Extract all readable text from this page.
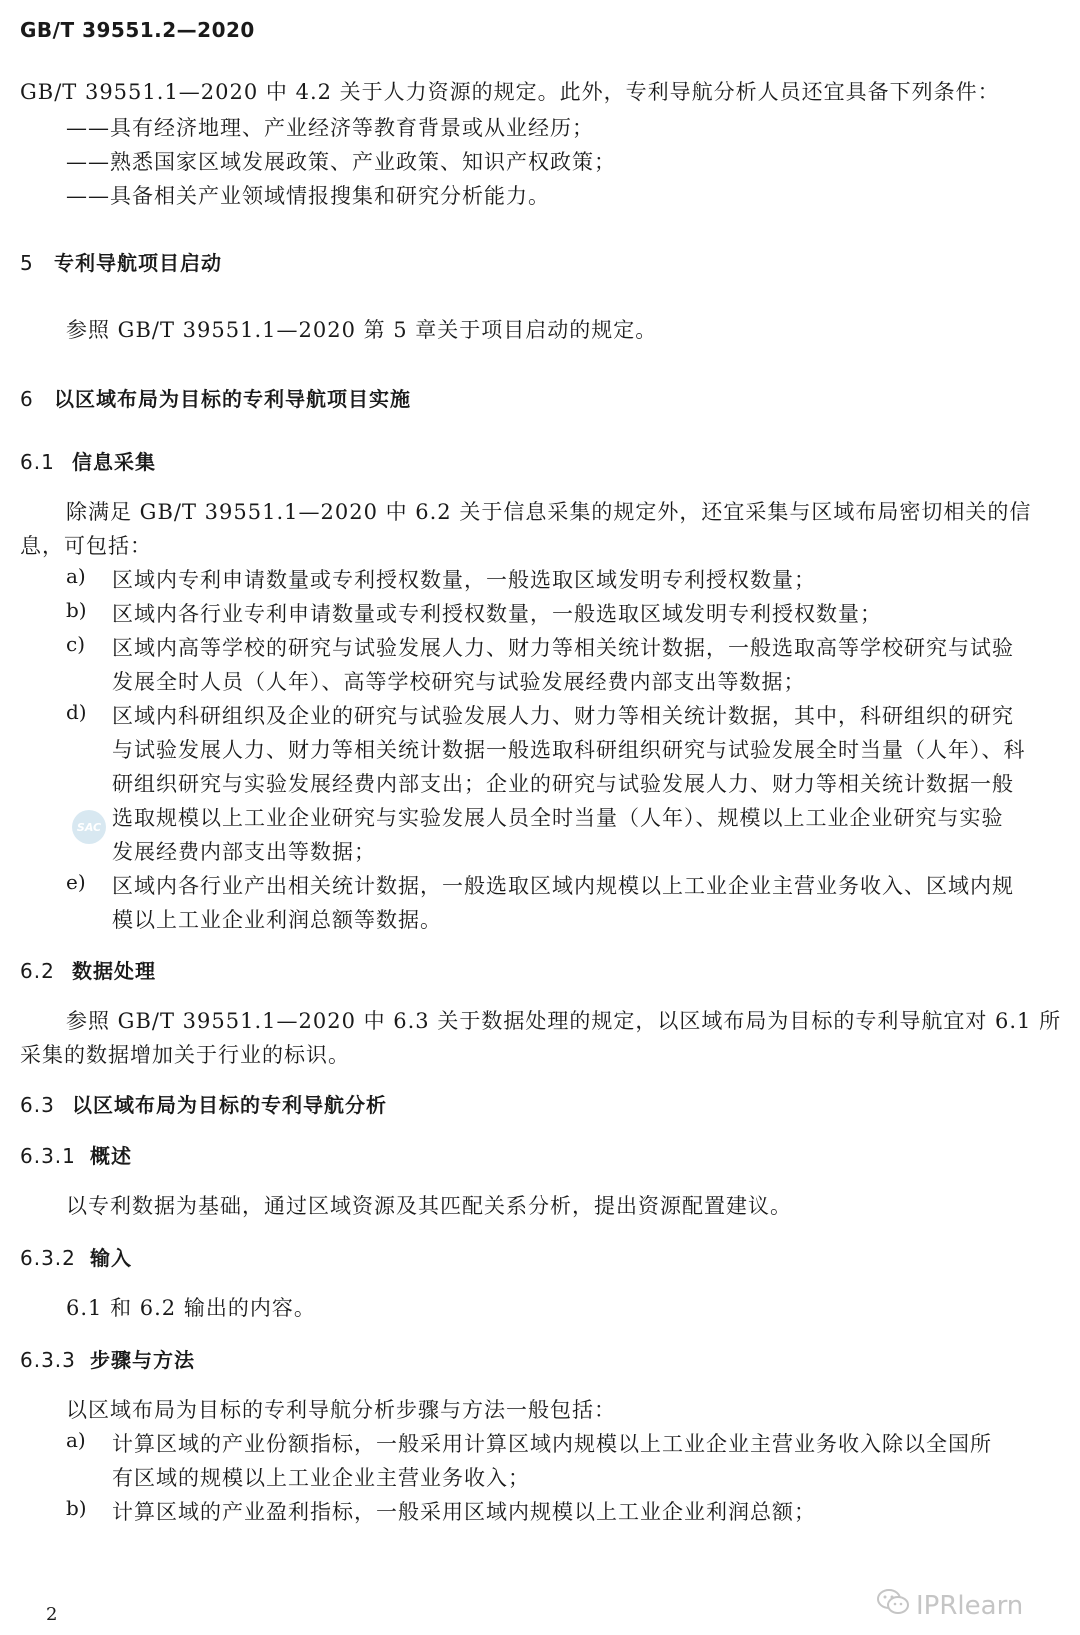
GB/T 39551.2—2020
GB/T 39551.1—2020 中 4.2 关于人力资源的规定。此外，专利导航分析人员还宜具备下列条件：
——具有经济地理、产业经济等教育背景或从业经历；
——熟悉国家区域发展政策、产业政策、知识产权政策；
——具备相关产业领域情报搜集和研究分析能力。
5 专利导航项目启动
参照 GB/T 39551.1—2020 第 5 章关于项目启动的规定。
6 以区域布局为目标的专利导航项目实施
6.1 信息采集
除满足 GB/T 39551.1—2020 中 6.2 关于信息采集的规定外，还宜采集与区域布局密切相关的信
息，可包括：
a) 区域内专利申请数量或专利授权数量，一般选取区域发明专利授权数量；
b) 区域内各行业专利申请数量或专利授权数量，一般选取区域发明专利授权数量；
c) 区域内高等学校的研究与试验发展人力、财力等相关统计数据，一般选取高等学校研究与试验
发展全时人员（人年）、高等学校研究与试验发展经费内部支出等数据；
d) 区域内科研组织及企业的研究与试验发展人力、财力等相关统计数据，其中，科研组织的研究
与试验发展人力、财力等相关统计数据一般选取科研组织研究与试验发展全时当量（人年）、科
研组织研究与实验发展经费内部支出；企业的研究与试验发展人力、财力等相关统计数据一般
选取规模以上工业企业研究与实验发展人员全时当量（人年）、规模以上工业企业研究与实验
发展经费内部支出等数据；
e) 区域内各行业产出相关统计数据，一般选取区域内规模以上工业企业主营业务收入、区域内规
模以上工业企业利润总额等数据。
6.2 数据处理
参照 GB/T 39551.1—2020 中 6.3 关于数据处理的规定，以区域布局为目标的专利导航宜对 6.1 所
采集的数据增加关于行业的标识。
6.3 以区域布局为目标的专利导航分析
6.3.1 概述
以专利数据为基础，通过区域资源及其匹配关系分析，提出资源配置建议。
6.3.2 输入
6.1 和 6.2 输出的内容。
6.3.3 步骤与方法
以区域布局为目标的专利导航分析步骤与方法一般包括：
a) 计算区域的产业份额指标，一般采用计算区域内规模以上工业企业主营业务收入除以全国所
有区域的规模以上工业企业主营业务收入；
b) 计算区域的产业盈利指标，一般采用区域内规模以上工业企业利润总额；
SAC
2	IPRlearn
